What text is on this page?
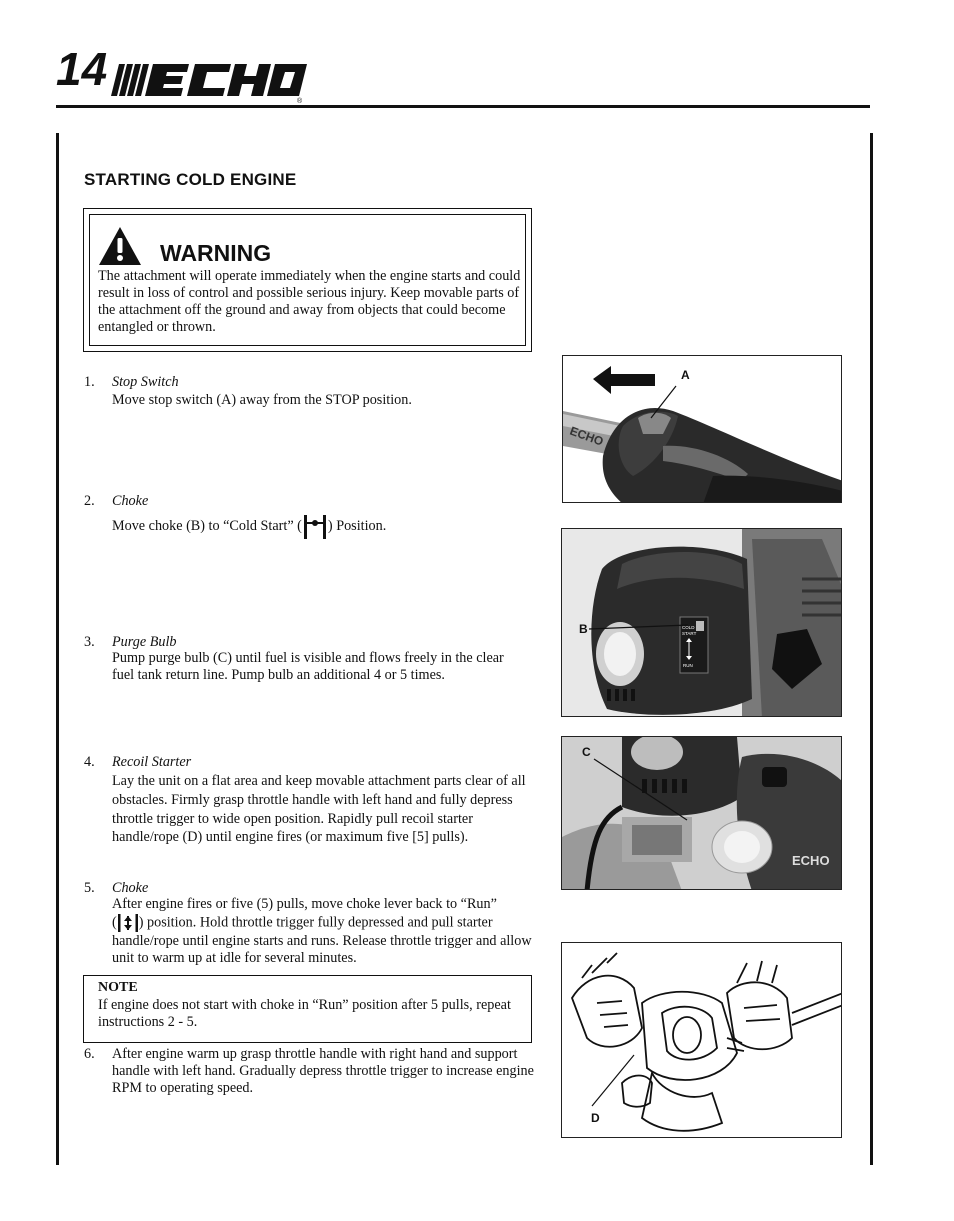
14
®
STARTING COLD ENGINE
WARNING
The attachment will operate immediately when the engine starts and could result in loss of control and possible serious injury. Keep movable parts of the attachment off the ground and away from objects that could become entangled or thrown.
1. Stop Switch
Move stop switch (A) away from the STOP position.
2. Choke
Move choke (B) to “Cold Start” ( ) Position.
3. Purge Bulb
Pump purge bulb (C) until fuel is visible and flows freely in the clear fuel tank return line. Pump bulb an additional 4 or 5 times.
4. Recoil Starter
Lay the unit on a flat area and keep movable attachment parts clear of all obstacles. Firmly grasp throttle handle with left hand and fully depress throttle trigger to wide open position. Rapidly pull recoil starter handle/rope (D) until engine fires (or maximum five [5] pulls).
5. Choke
After engine fires or five (5) pulls, move choke lever back to “Run”
( ) position. Hold throttle trigger fully depressed and pull starter handle/rope until engine starts and runs. Release throttle trigger and allow unit to warm up at idle for several minutes.
NOTE
If engine does not start with choke in “Run” position after 5 pulls, repeat instructions 2 - 5.
6. After engine warm up grasp throttle handle with right hand and support handle with left hand. Gradually depress throttle trigger to increase engine RPM to operating speed.
ECHO
A
COLD
START
RUN
B
ECHO
C
D
